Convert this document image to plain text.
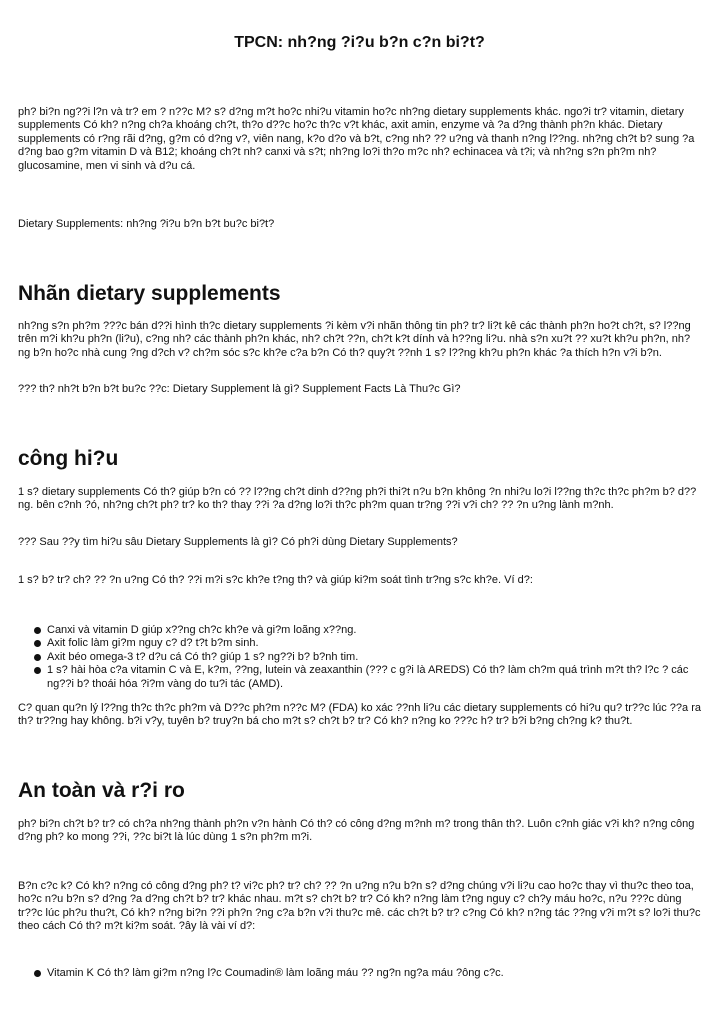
TPCN: nh?ng ?i?u b?n c?n bi?t?

ph? bi?n ng??i l?n và tr? em ? n??c M? s? d?ng m?t ho?c nhi?u vitamin ho?c nh?ng dietary supplements khác. ngo?i tr? vitamin, dietary supplements Có kh? n?ng ch?a khoáng ch?t, th?o d??c ho?c th?c v?t khác, axit amin, enzyme và ?a d?ng thành ph?n khác. Dietary supplements có r?ng rãi d?ng, g?m có d?ng v?, viên nang, k?o d?o và b?t, c?ng nh? ?? u?ng và thanh n?ng l??ng. nh?ng ch?t b? sung ?a d?ng bao g?m vitamin D và B12; khoáng ch?t nh? canxi và s?t; nh?ng lo?i th?o m?c nh? echinacea và t?i; và nh?ng s?n ph?m nh? glucosamine, men vi sinh và d?u cá.

Dietary Supplements: nh?ng ?i?u b?n b?t bu?c bi?t?

Nhãn dietary supplements

nh?ng s?n ph?m ???c bán d??i hình th?c dietary supplements ?i kèm v?i nhãn thông tin ph? tr? li?t kê các thành ph?n ho?t ch?t, s? l??ng trên m?i kh?u ph?n (li?u), c?ng nh? các thành ph?n khác, nh? ch?t ??n, ch?t k?t dính và h??ng li?u. nhà s?n xu?t ?? xu?t kh?u ph?n, nh?ng b?n ho?c nhà cung ?ng d?ch v? ch?m sóc s?c kh?e c?a b?n Có th? quy?t ??nh 1 s? l??ng kh?u ph?n khác ?a thích h?n v?i b?n.

??? th? nh?t b?n b?t bu?c ??c: Dietary Supplement là gì? Supplement Facts Là Thu?c Gì?

công hi?u

1 s? dietary supplements Có th? giúp b?n có ?? l??ng ch?t dinh d??ng ph?i thi?t n?u b?n không ?n nhi?u lo?i l??ng th?c th?c ph?m b? d??ng. bên c?nh ?ó, nh?ng ch?t ph? tr? ko th? thay ??i ?a d?ng lo?i th?c ph?m quan tr?ng ??i v?i ch? ?? ?n u?ng lành m?nh.

??? Sau ??y tìm hi?u sâu Dietary Supplements là gì? Có ph?i dùng Dietary Supplements?

1 s? b? tr? ch? ?? ?n u?ng Có th? ??i m?i s?c kh?e t?ng th? và giúp ki?m soát tình tr?ng s?c kh?e. Ví d?:

Canxi và vitamin D giúp x??ng ch?c kh?e và gi?m loãng x??ng.
Axit folic làm gi?m nguy c? d? t?t b?m sinh.
Axit béo omega-3 t? d?u cá Có th? giúp 1 s? ng??i b? b?nh tim.
1 s? hài hòa c?a vitamin C và E, k?m, ??ng, lutein và zeaxanthin (??? c g?i là AREDS) Có th? làm ch?m quá trình m?t th? l?c ? các ng??i b? thoái hóa ?i?m vàng do tu?i tác (AMD).

C? quan qu?n lý l??ng th?c th?c ph?m và D??c ph?m n??c M? (FDA) ko xác ??nh li?u các dietary supplements có hi?u qu? tr??c lúc ??a ra th? tr??ng hay không. b?i v?y, tuyên b? truy?n bá cho m?t s? ch?t b? tr? Có kh? n?ng ko ???c h? tr? b?i b?ng ch?ng k? thu?t.

An toàn và r?i ro

ph? bi?n ch?t b? tr? có ch?a nh?ng thành ph?n v?n hành Có th? có công d?ng m?nh m? trong thân th?. Luôn c?nh giác v?i kh? n?ng công d?ng ph? ko mong ??i, ??c bi?t là lúc dùng 1 s?n ph?m m?i.

B?n c?c k? Có kh? n?ng có công d?ng ph? t? vi?c ph? tr? ch? ?? ?n u?ng n?u b?n s? d?ng chúng v?i li?u cao ho?c thay vì thu?c theo toa, ho?c n?u b?n s? d?ng ?a d?ng ch?t b? tr? khác nhau. m?t s? ch?t b? tr? Có kh? n?ng làm t?ng nguy c? ch?y máu ho?c, n?u ???c dùng tr??c lúc ph?u thu?t, Có kh? n?ng bi?n ??i ph?n ?ng c?a b?n v?i thu?c mê. các ch?t b? tr? c?ng Có kh? n?ng tác ??ng v?i m?t s? lo?i thu?c theo cách Có th? m?t ki?m soát. ?ây là vài ví d?:

Vitamin K Có th? làm gi?m n?ng l?c Coumadin® làm loãng máu ?? ng?n ng?a máu ?ông c?c.
